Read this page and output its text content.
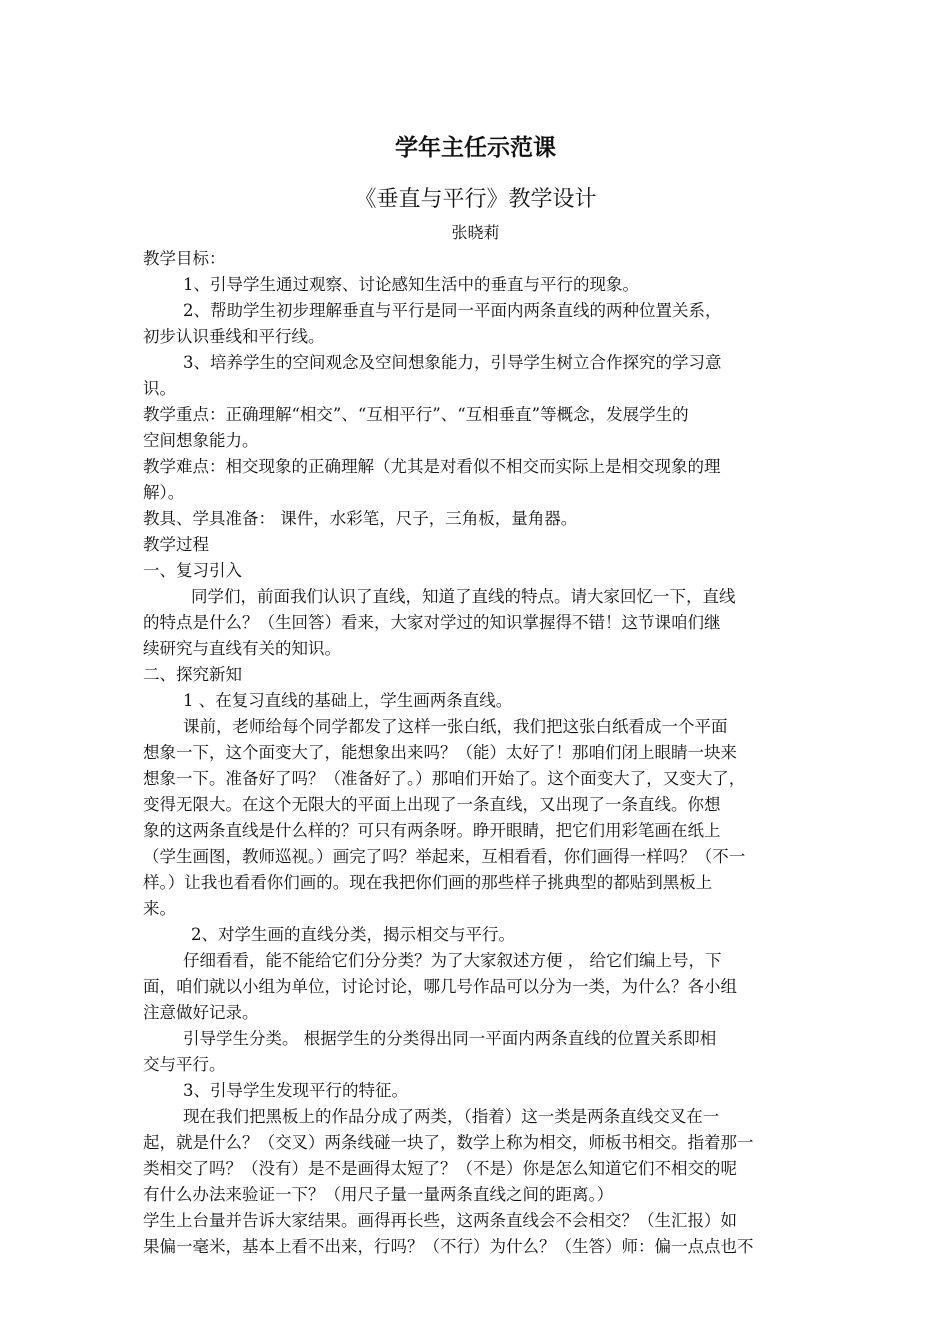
学年主任示范课
《垂直与平行》教学设计
张晓莉
教学目标：
1、引导学生通过观察、讨论感知生活中的垂直与平行的现象。
2、帮助学生初步理解垂直与平行是同一平面内两条直线的两种位置关系，
初步认识垂线和平行线。
3、培养学生的空间观念及空间想象能力，引导学生树立合作探究的学习意
识。
教学重点：正确理解“相交”、“互相平行”、“互相垂直”等概念，发展学生的
空间想象能力。
教学难点：相交现象的正确理解（尤其是对看似不相交而实际上是相交现象的理
解）。
教具、学具准备： 课件，水彩笔，尺子，三角板，量角器。
教学过程
一、复习引入
同学们，前面我们认识了直线，知道了直线的特点。请大家回忆一下，直线
的特点是什么？（生回答）看来，大家对学过的知识掌握得不错！这节课咱们继
续研究与直线有关的知识。
二、探究新知
1 、在复习直线的基础上，学生画两条直线。
课前，老师给每个同学都发了这样一张白纸，我们把这张白纸看成一个平面
想象一下，这个面变大了，能想象出来吗？（能）太好了！那咱们闭上眼睛一块来
想象一下。准备好了吗？（准备好了。）那咱们开始了。这个面变大了，又变大了，
变得无限大。在这个无限大的平面上出现了一条直线，又出现了一条直线。你想
象的这两条直线是什么样的？可只有两条呀。睁开眼睛，把它们用彩笔画在纸上
（学生画图，教师巡视。）画完了吗？举起来，互相看看，你们画得一样吗？（不一
样。）让我也看看你们画的。现在我把你们画的那些样子挑典型的都贴到黑板上
来。
2、对学生画的直线分类，揭示相交与平行。
仔细看看，能不能给它们分分类？为了大家叙述方便 ， 给它们编上号，下
面，咱们就以小组为单位，讨论讨论，哪几号作品可以分为一类，为什么？各小组
注意做好记录。
引导学生分类。 根据学生的分类得出同一平面内两条直线的位置关系即相
交与平行。
3、引导学生发现平行的特征。
现在我们把黑板上的作品分成了两类，（指着）这一类是两条直线交叉在一
起，就是什么？（交叉）两条线碰一块了，数学上称为相交，师板书相交。指着那一
类相交了吗？（没有）是不是画得太短了？（不是）你是怎么知道它们不相交的呢
有什么办法来验证一下？（用尺子量一量两条直线之间的距离。）
学生上台量并告诉大家结果。画得再长些，这两条直线会不会相交？（生汇报）如
果偏一毫米，基本上看不出来，行吗？（不行）为什么？（生答）师：偏一点点也不
